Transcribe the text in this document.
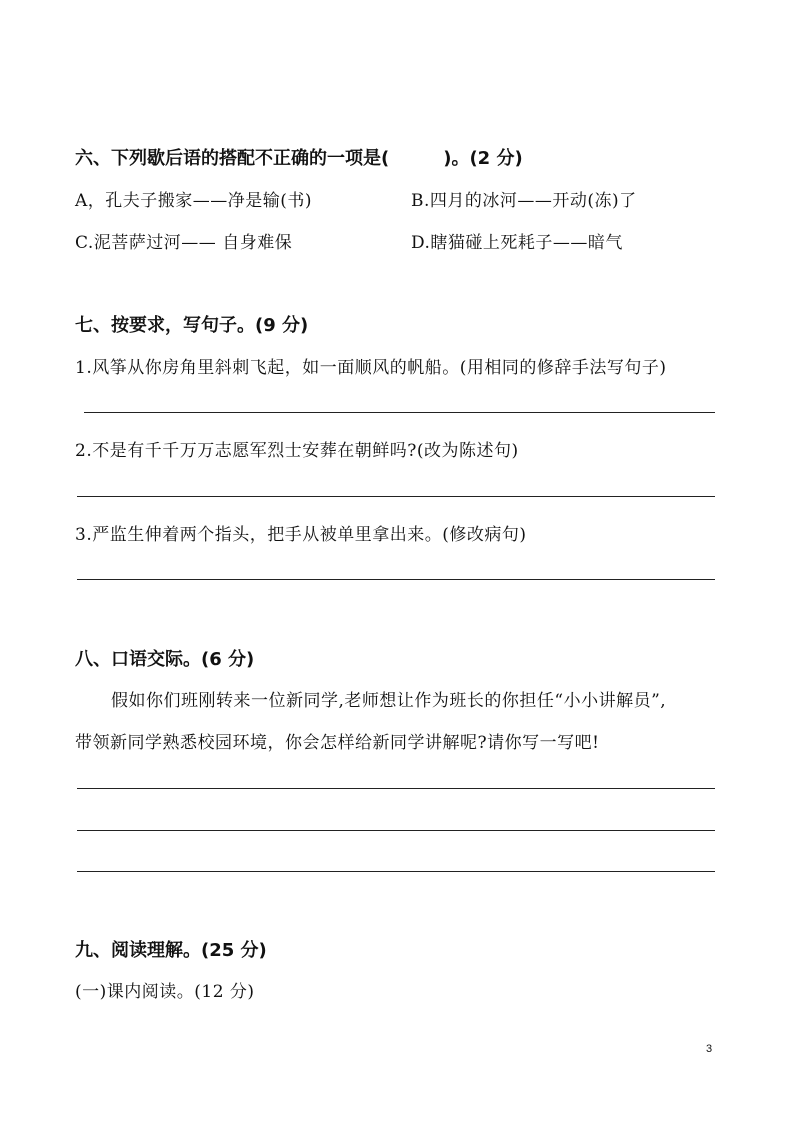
六、下列歇后语的搭配不正确的一项是(　　　)。(2 分)
A，孔夫子搬家——净是输(书)	B.四月的冰河——开动(冻)了
C.泥菩萨过河—— 自身难保	D.瞎猫碰上死耗子——暗气
七、按要求，写句子。(9 分)
1.风筝从你房角里斜刺飞起，如一面顺风的帆船。(用相同的修辞手法写句子)
2.不是有千千万万志愿军烈士安葬在朝鲜吗?(改为陈述句)
3.严监生伸着两个指头，把手从被单里拿出来。(修改病句)
八、口语交际。(6 分)
假如你们班刚转来一位新同学,老师想让作为班长的你担任“小小讲解员”,
带领新同学熟悉校园环境，你会怎样给新同学讲解呢?请你写一写吧!
九、阅读理解。(25 分)
(一)课内阅读。(12 分)
3
